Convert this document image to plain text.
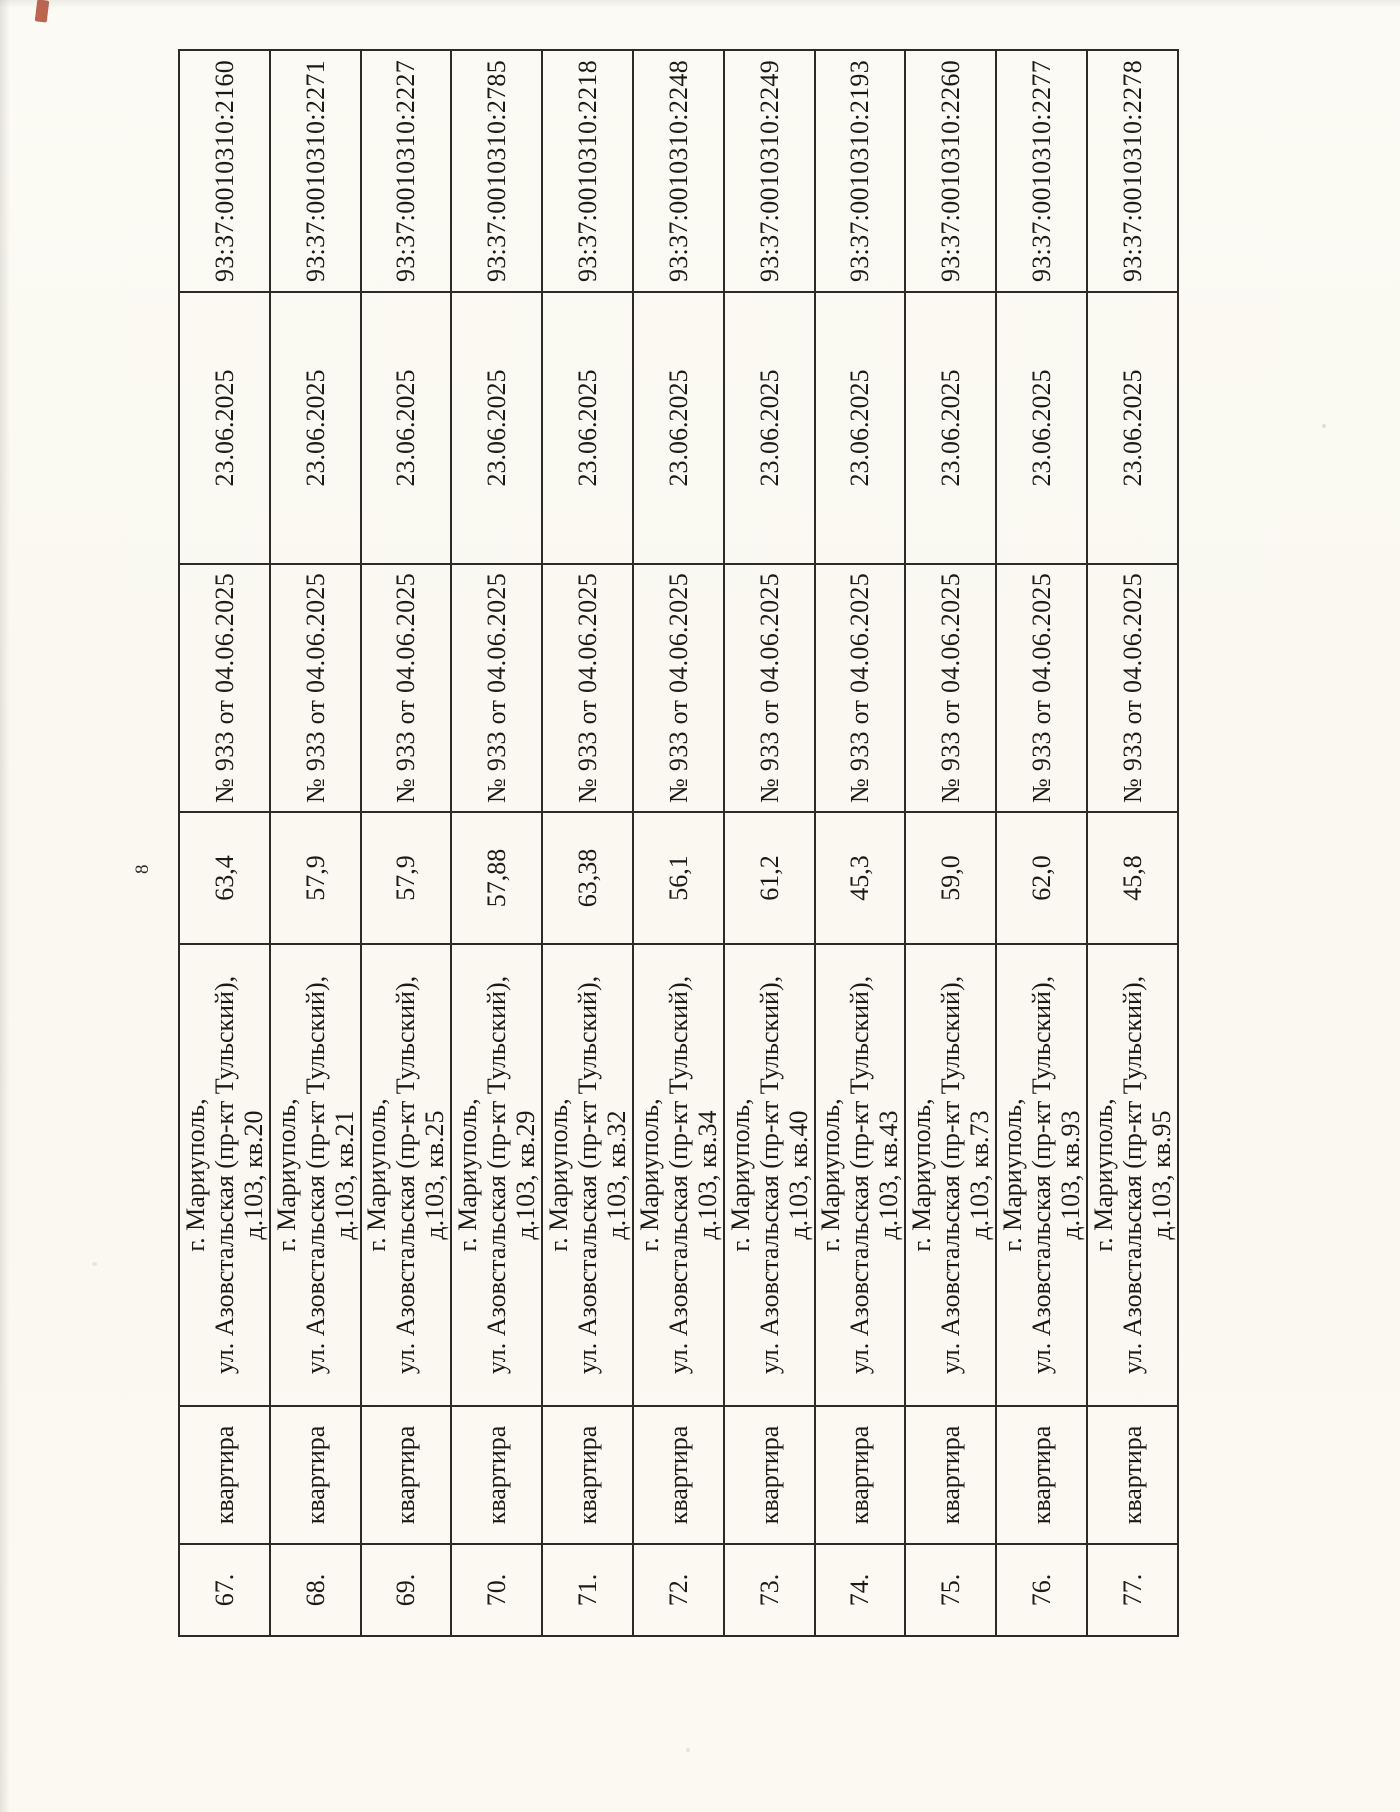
8
67.	квартира	г. Мариуполь, ул. Азовстальская (пр-кт Тульский), д.103, кв.20	63,4	№ 933 от 04.06.2025	23.06.2025	93:37:0010310:2160
68.	квартира	г. Мариуполь, ул. Азовстальская (пр-кт Тульский), д.103, кв.21	57,9	№ 933 от 04.06.2025	23.06.2025	93:37:0010310:2271
69.	квартира	г. Мариуполь, ул. Азовстальская (пр-кт Тульский), д.103, кв.25	57,9	№ 933 от 04.06.2025	23.06.2025	93:37:0010310:2227
70.	квартира	г. Мариуполь, ул. Азовстальская (пр-кт Тульский), д.103, кв.29	57,88	№ 933 от 04.06.2025	23.06.2025	93:37:0010310:2785
71.	квартира	г. Мариуполь, ул. Азовстальская (пр-кт Тульский), д.103, кв.32	63,38	№ 933 от 04.06.2025	23.06.2025	93:37:0010310:2218
72.	квартира	г. Мариуполь, ул. Азовстальская (пр-кт Тульский), д.103, кв.34	56,1	№ 933 от 04.06.2025	23.06.2025	93:37:0010310:2248
73.	квартира	г. Мариуполь, ул. Азовстальская (пр-кт Тульский), д.103, кв.40	61,2	№ 933 от 04.06.2025	23.06.2025	93:37:0010310:2249
74.	квартира	г. Мариуполь, ул. Азовстальская (пр-кт Тульский), д.103, кв.43	45,3	№ 933 от 04.06.2025	23.06.2025	93:37:0010310:2193
75.	квартира	г. Мариуполь, ул. Азовстальская (пр-кт Тульский), д.103, кв.73	59,0	№ 933 от 04.06.2025	23.06.2025	93:37:0010310:2260
76.	квартира	г. Мариуполь, ул. Азовстальская (пр-кт Тульский), д.103, кв.93	62,0	№ 933 от 04.06.2025	23.06.2025	93:37:0010310:2277
77.	квартира	г. Мариуполь, ул. Азовстальская (пр-кт Тульский), д.103, кв.95	45,8	№ 933 от 04.06.2025	23.06.2025	93:37:0010310:2278
